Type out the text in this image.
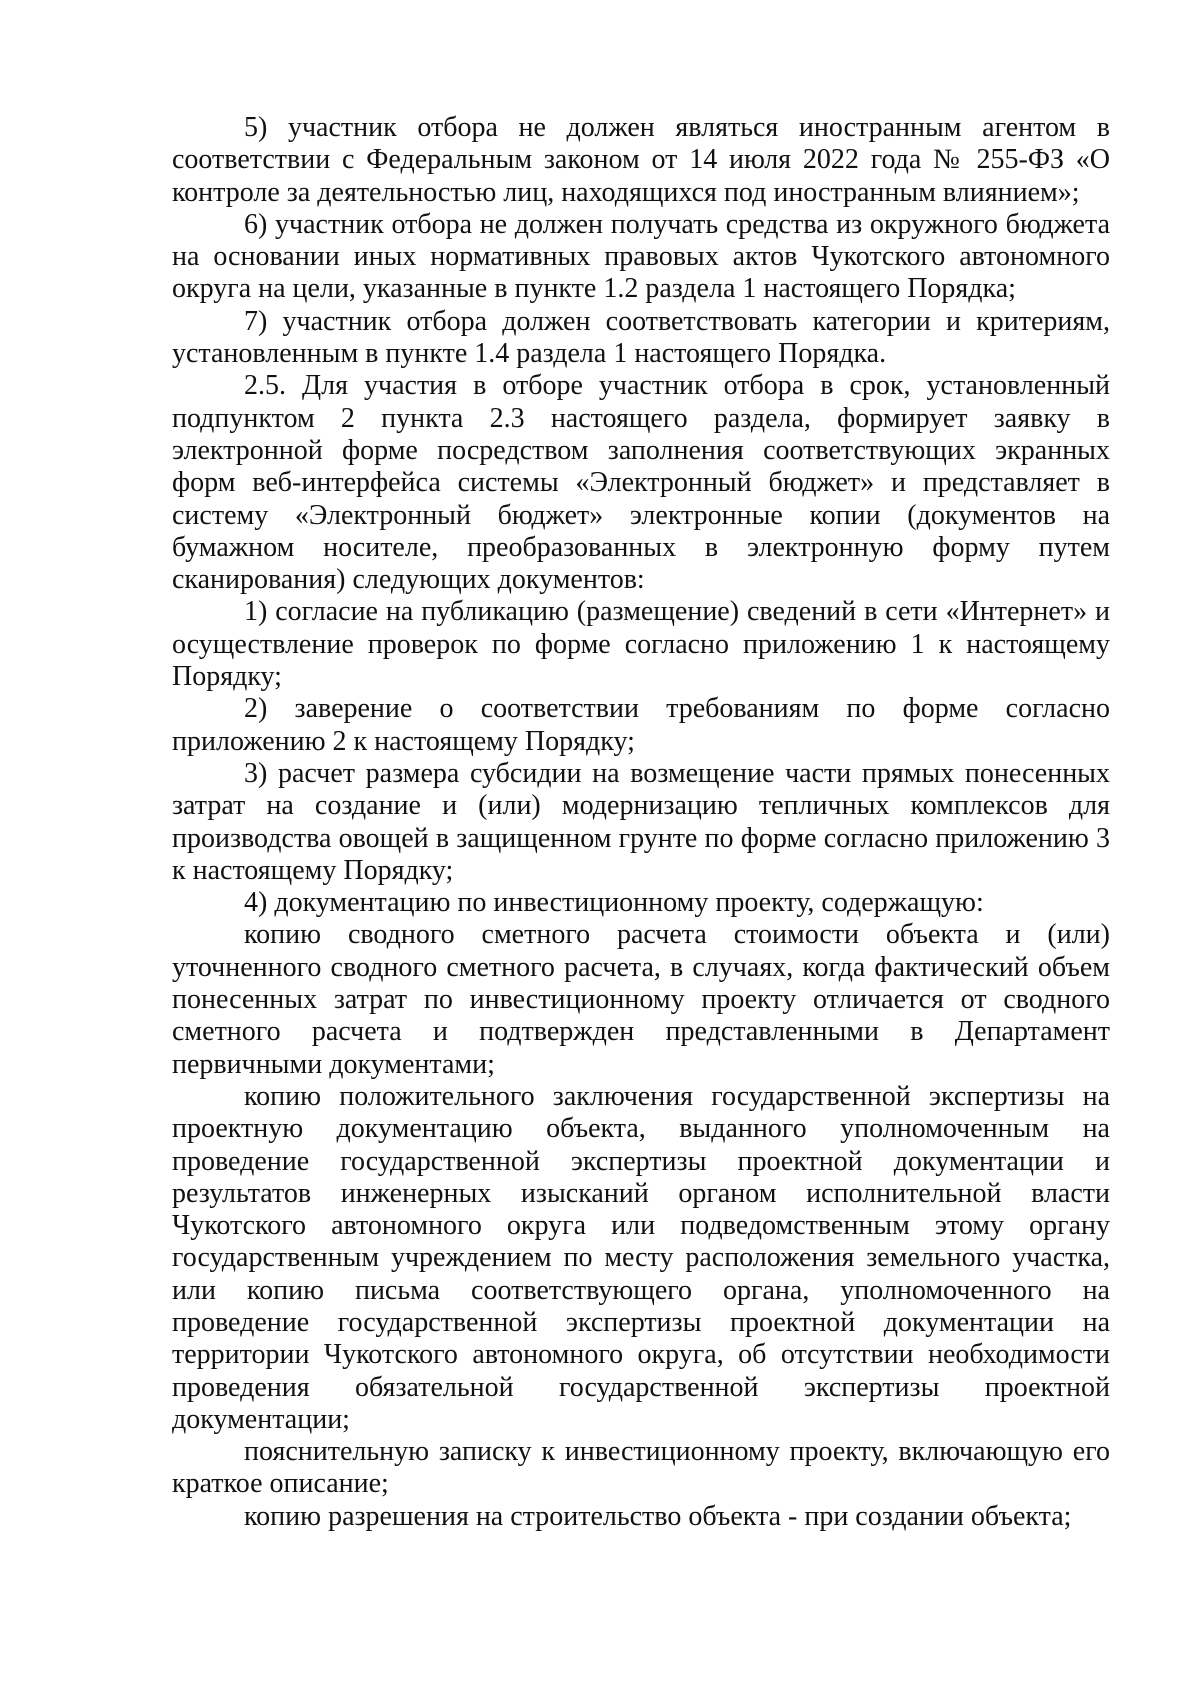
5) участник отбора не должен являться иностранным агентом в соответствии с Федеральным законом от 14 июля 2022 года № 255-ФЗ «О контроле за деятельностью лиц, находящихся под иностранным влиянием»;

6) участник отбора не должен получать средства из окружного бюджета на основании иных нормативных правовых актов Чукотского автономного округа на цели, указанные в пункте 1.2 раздела 1 настоящего Порядка;

7) участник отбора должен соответствовать категории и критериям, установленным в пункте 1.4 раздела 1 настоящего Порядка.

2.5. Для участия в отборе участник отбора в срок, установленный подпунктом 2 пункта 2.3 настоящего раздела, формирует заявку в электронной форме посредством заполнения соответствующих экранных форм веб-интерфейса системы «Электронный бюджет» и представляет в систему «Электронный бюджет» электронные копии (документов на бумажном носителе, преобразованных в электронную форму путем сканирования) следующих документов:

1) согласие на публикацию (размещение) сведений в сети «Интернет» и осуществление проверок по форме согласно приложению 1 к настоящему Порядку;

2) заверение о соответствии требованиям по форме согласно приложению 2 к настоящему Порядку;

3) расчет размера субсидии на возмещение части прямых понесенных затрат на создание и (или) модернизацию тепличных комплексов для производства овощей в защищенном грунте по форме согласно приложению 3 к настоящему Порядку;

4) документацию по инвестиционному проекту, содержащую:

копию сводного сметного расчета стоимости объекта и (или) уточненного сводного сметного расчета, в случаях, когда фактический объем понесенных затрат по инвестиционному проекту отличается от сводного сметного расчета и подтвержден представленными в Департамент первичными документами;

копию положительного заключения государственной экспертизы на проектную документацию объекта, выданного уполномоченным на проведение государственной экспертизы проектной документации и результатов инженерных изысканий органом исполнительной власти Чукотского автономного округа или подведомственным этому органу государственным учреждением по месту расположения земельного участка, или копию письма соответствующего органа, уполномоченного на проведение государственной экспертизы проектной документации на территории Чукотского автономного округа, об отсутствии необходимости проведения обязательной государственной экспертизы проектной документации;

пояснительную записку к инвестиционному проекту, включающую его краткое описание;

копию разрешения на строительство объекта - при создании объекта;
